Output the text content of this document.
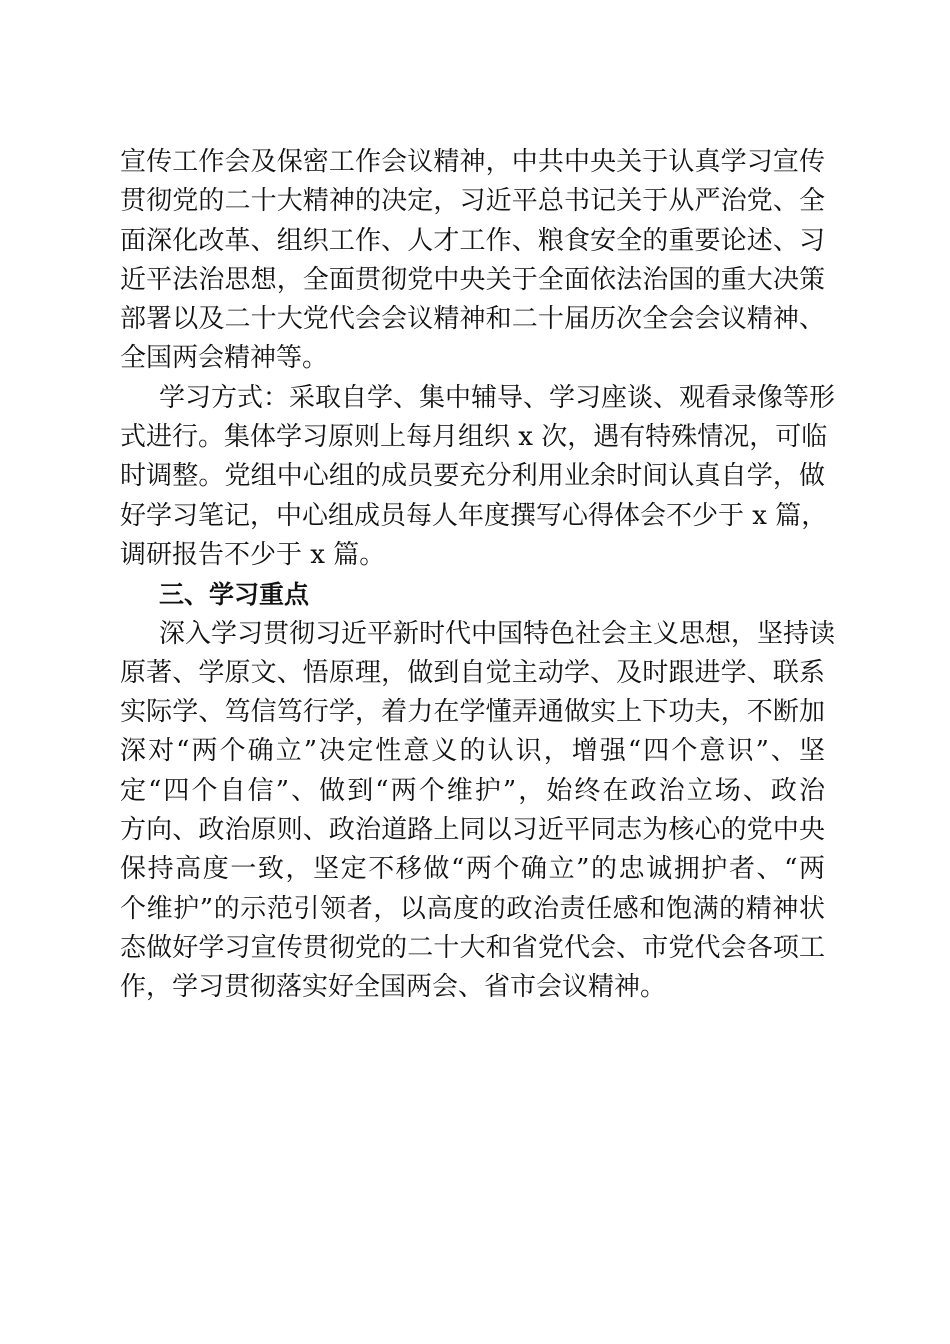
宣传工作会及保密工作会议精神，中共中央关于认真学习宣传
贯彻党的二十大精神的决定，习近平总书记关于从严治党、全
面深化改革、组织工作、人才工作、粮食安全的重要论述、习
近平法治思想，全面贯彻党中央关于全面依法治国的重大决策
部署以及二十大党代会会议精神和二十届历次全会会议精神、
全国两会精神等。
学习方式：采取自学、集中辅导、学习座谈、观看录像等形
式进行。集体学习原则上每月组织 x 次，遇有特殊情况，可临
时调整。党组中心组的成员要充分利用业余时间认真自学，做
好学习笔记，中心组成员每人年度撰写心得体会不少于 x 篇，
调研报告不少于 x 篇。
三、学习重点
深入学习贯彻习近平新时代中国特色社会主义思想，坚持读
原著、学原文、悟原理，做到自觉主动学、及时跟进学、联系
实际学、笃信笃行学，着力在学懂弄通做实上下功夫，不断加
深对“两个确立”决定性意义的认识，增强“四个意识”、坚
定“四个自信”、做到“两个维护”，始终在政治立场、政治
方向、政治原则、政治道路上同以习近平同志为核心的党中央
保持高度一致，坚定不移做“两个确立”的忠诚拥护者、“两
个维护”的示范引领者，以高度的政治责任感和饱满的精神状
态做好学习宣传贯彻党的二十大和省党代会、市党代会各项工
作，学习贯彻落实好全国两会、省市会议精神。
